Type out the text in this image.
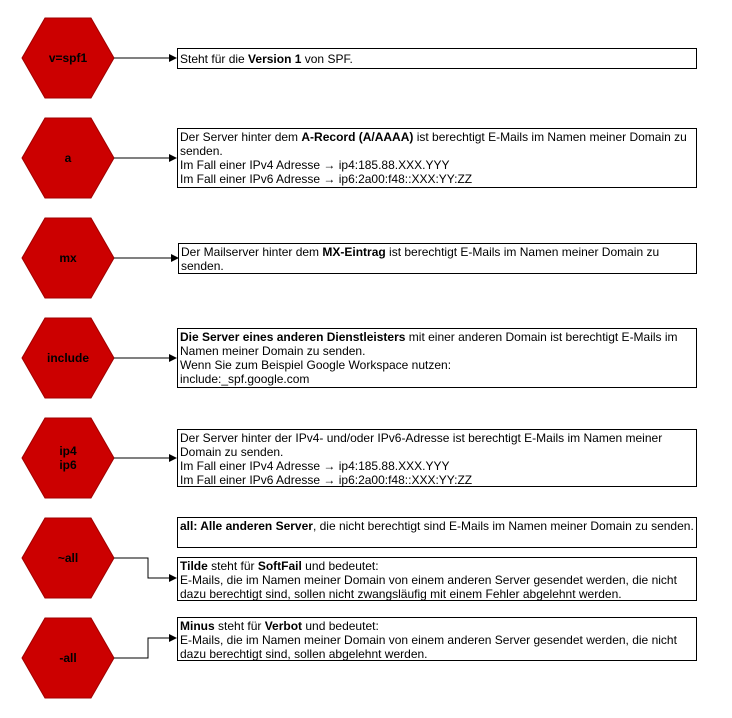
v=spf1
a
mx
include
ip4
ip6
~all
-all
Steht für die Version 1 von SPF.
Der Server hinter dem A-Record (A/AAAA) ist berechtigt E-Mails im Namen meiner Domain zu senden.
Im Fall einer IPv4 Adresse → ip4:185.88.XXX.YYY
Im Fall einer IPv6 Adresse → ip6:2a00:f48::XXX:YY:ZZ
Der Mailserver hinter dem MX-Eintrag ist berechtigt E-Mails im Namen meiner Domain zu senden.
Die Server eines anderen Dienstleisters mit einer anderen Domain ist berechtigt E-Mails im Namen meiner Domain zu senden.
Wenn Sie zum Beispiel Google Workspace nutzen:
include:_spf.google.com
Der Server hinter der IPv4- und/oder IPv6-Adresse ist berechtigt E-Mails im Namen meiner Domain zu senden.
Im Fall einer IPv4 Adresse → ip4:185.88.XXX.YYY
Im Fall einer IPv6 Adresse → ip6:2a00:f48::XXX:YY:ZZ
all: Alle anderen Server, die nicht berechtigt sind E-Mails im Namen meiner Domain zu senden.
Tilde steht für SoftFail und bedeutet:
E-Mails, die im Namen meiner Domain von einem anderen Server gesendet werden, die nicht dazu berechtigt sind, sollen nicht zwangsläufig mit einem Fehler abgelehnt werden.
Minus steht für Verbot und bedeutet:
E-Mails, die im Namen meiner Domain von einem anderen Server gesendet werden, die nicht dazu berechtigt sind, sollen abgelehnt werden.
